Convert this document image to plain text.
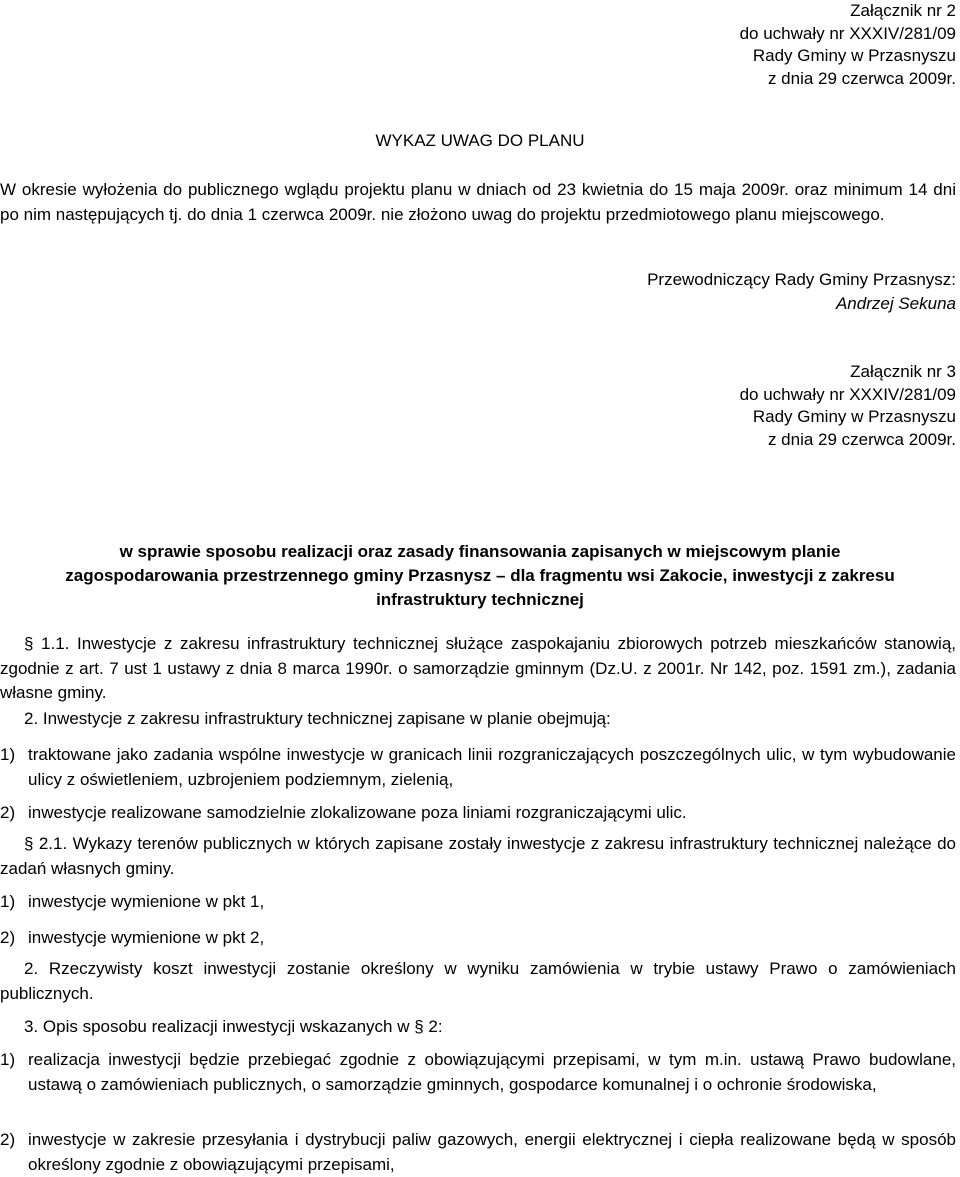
Załącznik nr 2
do uchwały nr XXXIV/281/09
Rady Gminy w Przasnyszu
z dnia 29 czerwca 2009r.
WYKAZ UWAG DO PLANU
W okresie wyłożenia do publicznego wglądu projektu planu w dniach od 23 kwietnia do 15 maja 2009r. oraz minimum 14 dni po nim następujących tj. do dnia 1 czerwca 2009r. nie złożono uwag do projektu przedmiotowego planu miejscowego.
Przewodniczący Rady Gminy Przasnysz:
Andrzej Sekuna
Załącznik nr 3
do uchwały nr XXXIV/281/09
Rady Gminy w Przasnyszu
z dnia 29 czerwca 2009r.
w sprawie sposobu realizacji oraz zasady finansowania zapisanych w miejscowym planie zagospodarowania przestrzennego gminy Przasnysz – dla fragmentu wsi Zakocie, inwestycji z zakresu infrastruktury technicznej
§ 1.1. Inwestycje z zakresu infrastruktury technicznej służące zaspokajaniu zbiorowych potrzeb mieszkańców stanowią, zgodnie z art. 7 ust 1 ustawy z dnia 8 marca 1990r. o samorządzie gminnym (Dz.U. z 2001r. Nr 142, poz. 1591 zm.), zadania własne gminy.
2. Inwestycje z zakresu infrastruktury technicznej zapisane w planie obejmują:
1) traktowane jako zadania wspólne inwestycje w granicach linii rozgraniczających poszczególnych ulic, w tym wybudowanie ulicy z oświetleniem, uzbrojeniem podziemnym, zielenią,
2) inwestycje realizowane samodzielnie zlokalizowane poza liniami rozgraniczającymi ulic.
§ 2.1. Wykazy terenów publicznych w których zapisane zostały inwestycje z zakresu infrastruktury technicznej należące do zadań własnych gminy.
1) inwestycje wymienione w pkt 1,
2) inwestycje wymienione w pkt 2,
2. Rzeczywisty koszt inwestycji zostanie określony w wyniku zamówienia w trybie ustawy Prawo o zamówieniach publicznych.
3. Opis sposobu realizacji inwestycji wskazanych w § 2:
1) realizacja inwestycji będzie przebiegać zgodnie z obowiązującymi przepisami, w tym m.in. ustawą Prawo budowlane, ustawą o zamówieniach publicznych, o samorządzie gminnych, gospodarce komunalnej i o ochronie środowiska,
2) inwestycje w zakresie przesyłania i dystrybucji paliw gazowych, energii elektrycznej i ciepła realizowane będą w sposób określony zgodnie z obowiązującymi przepisami,
